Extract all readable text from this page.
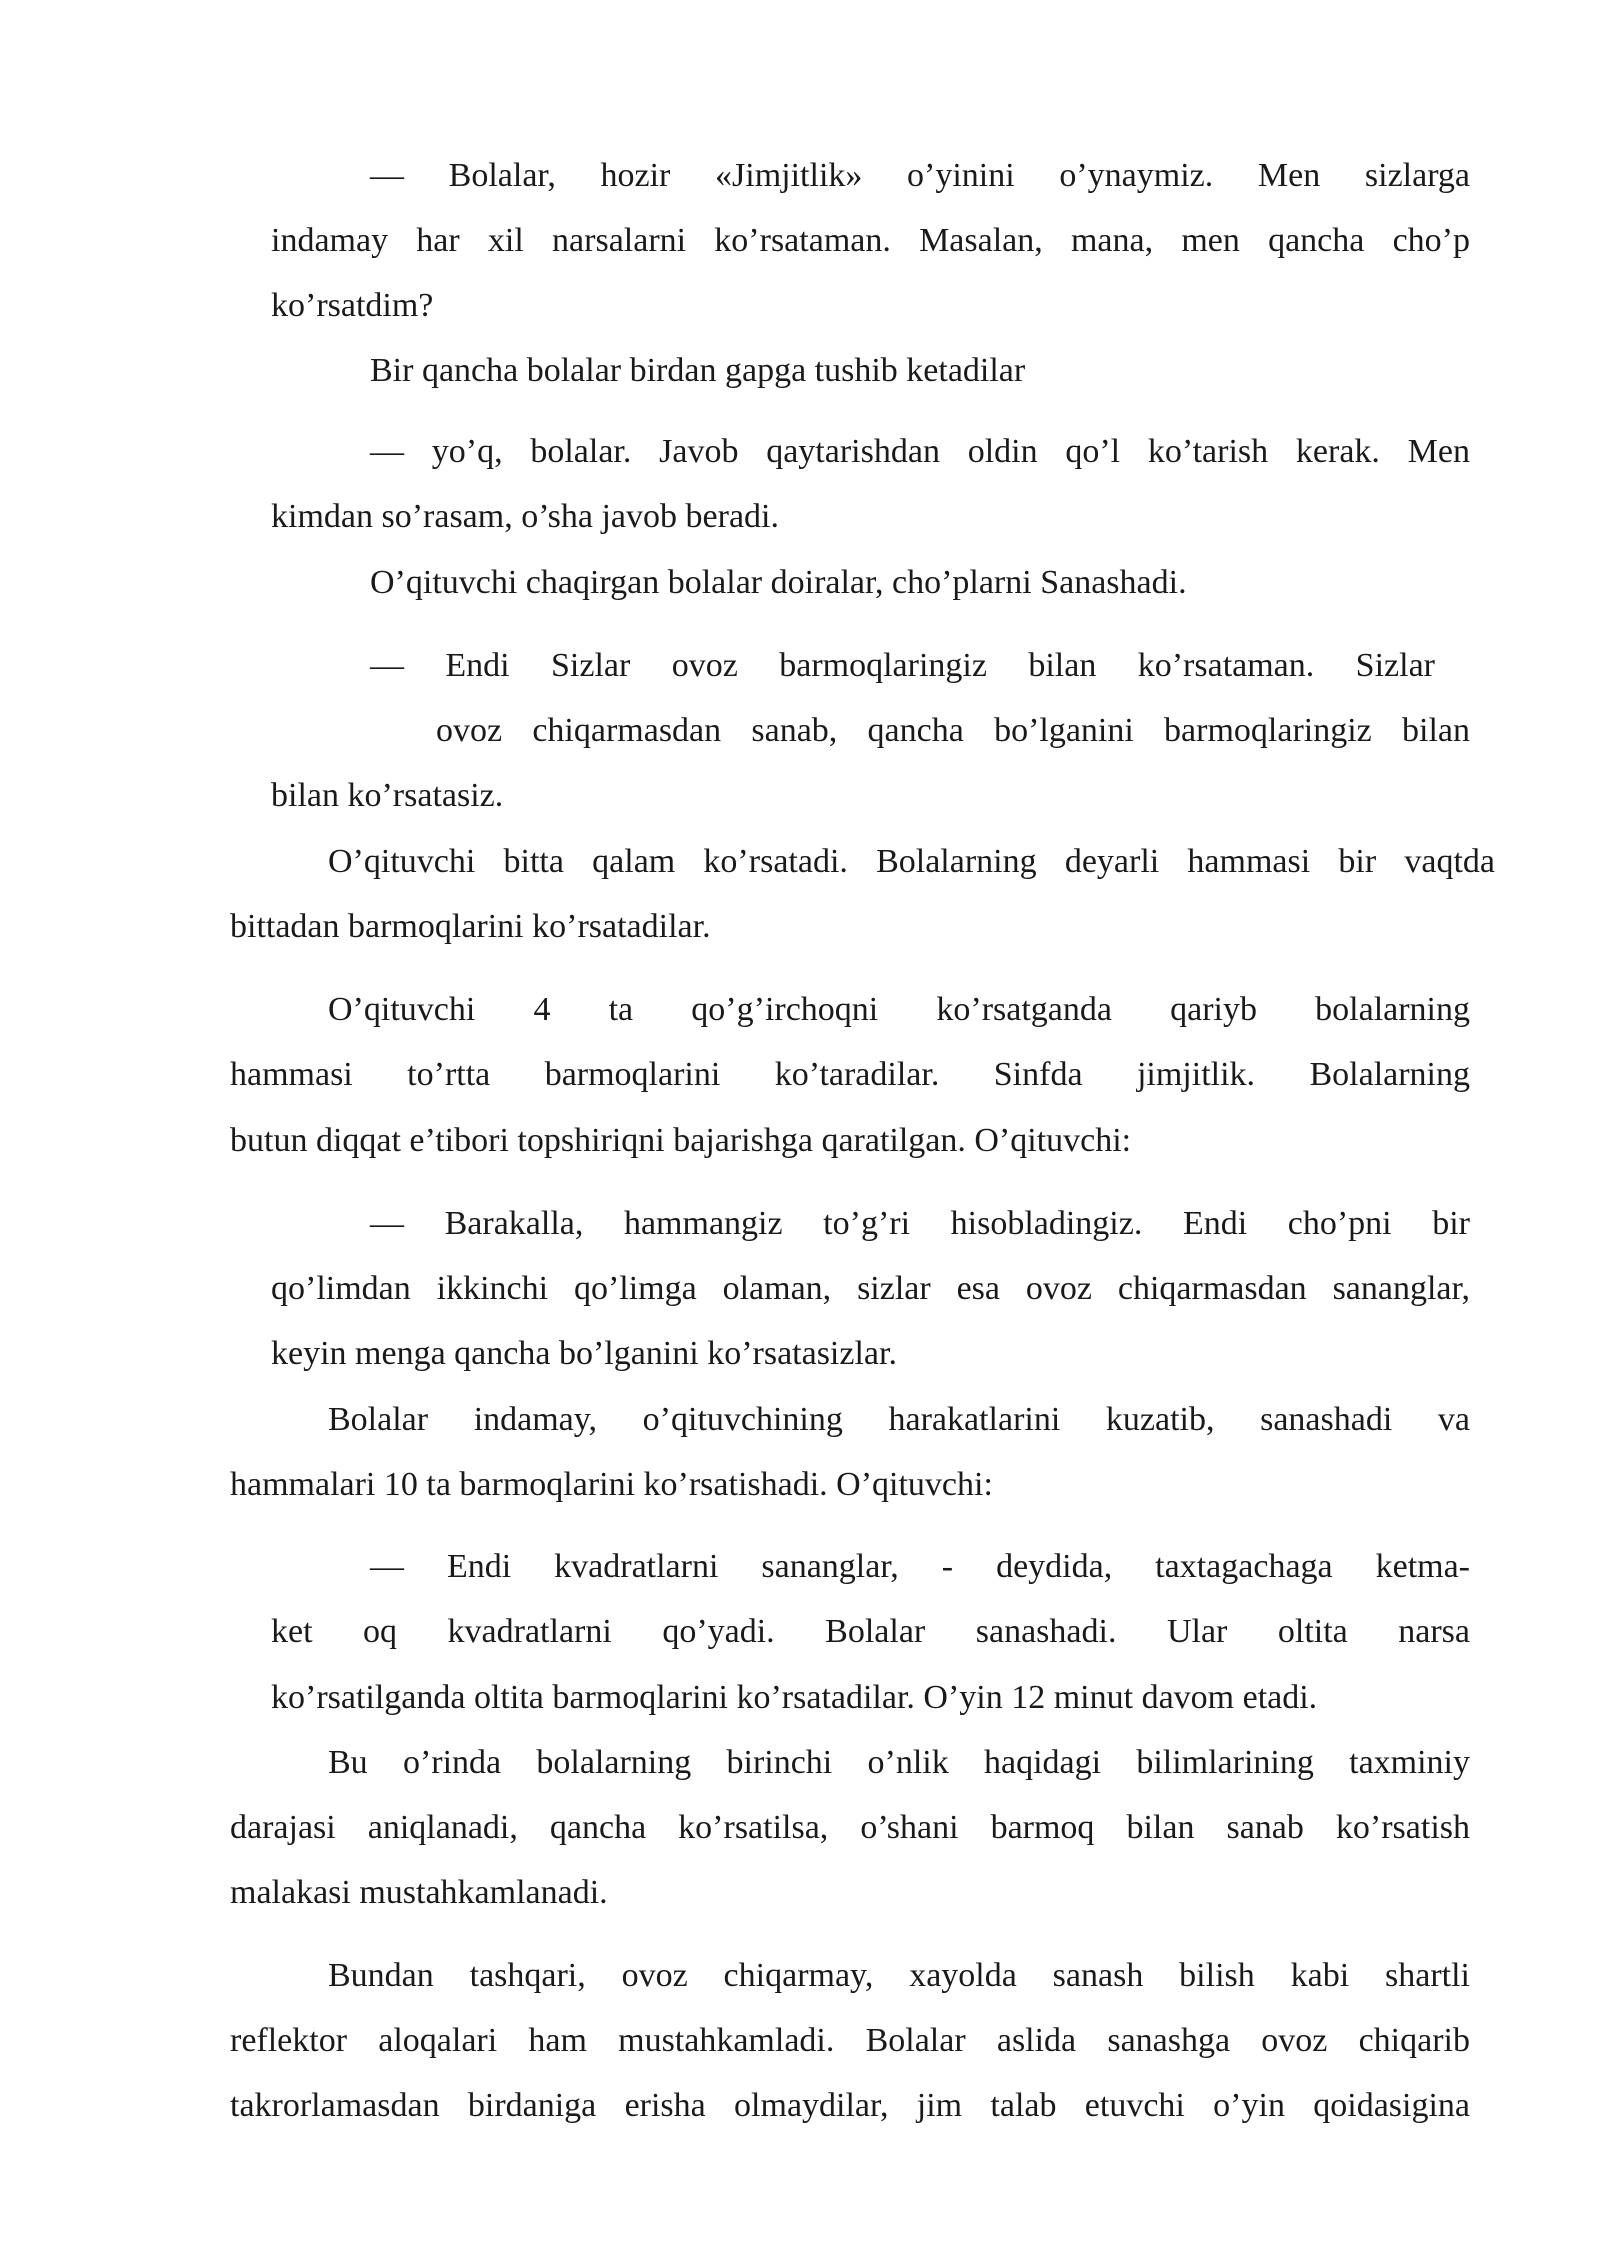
— Bolalar, hozir «Jimjitlik» o’yinini o’ynaymiz. Men sizlarga
indamay har xil narsalarni ko’rsataman. Masalan, mana, men qancha cho’p
ko’rsatdim?
Bir qancha bolalar birdan gapga tushib ketadilar
— yo’q, bolalar. Javob qaytarishdan oldin qo’l ko’tarish kerak. Men
kimdan so’rasam, o’sha javob beradi.
O’qituvchi chaqirgan bolalar doiralar, cho’plarni Sanashadi.
— Endi Sizlar ovoz barmoqlaringiz bilan ko’rsataman. Sizlar
ovoz chiqarmasdan sanab, qancha bo’lganini barmoqlaringiz bilan
bilan ko’rsatasiz.
O’qituvchi bitta qalam ko’rsatadi. Bolalarning deyarli hammasi bir vaqtda
bittadan barmoqlarini ko’rsatadilar.
O’qituvchi 4 ta qo’g’irchoqni ko’rsatganda qariyb bolalarning
hammasi to’rtta barmoqlarini ko’taradilar. Sinfda jimjitlik. Bolalarning
butun diqqat e’tibori topshiriqni bajarishga qaratilgan. O’qituvchi:
— Barakalla, hammangiz to’g’ri hisobladingiz. Endi cho’pni bir
qo’limdan ikkinchi qo’limga olaman, sizlar esa ovoz chiqarmasdan sananglar,
keyin menga qancha bo’lganini ko’rsatasizlar.
Bolalar indamay, o’qituvchining harakatlarini kuzatib, sanashadi va
hammalari 10 ta barmoqlarini ko’rsatishadi. O’qituvchi:
— Endi kvadratlarni sananglar, - deydida, taxtagachaga ketma-
ket oq kvadratlarni qo’yadi. Bolalar sanashadi. Ular oltita narsa
ko’rsatilganda oltita barmoqlarini ko’rsatadilar. O’yin 12 minut davom etadi.
Bu o’rinda bolalarning birinchi o’nlik haqidagi bilimlarining taxminiy
darajasi aniqlanadi, qancha ko’rsatilsa, o’shani barmoq bilan sanab ko’rsatish
malakasi mustahkamlanadi.
Bundan tashqari, ovoz chiqarmay, xayolda sanash bilish kabi shartli
reflektor aloqalari ham mustahkamladi. Bolalar aslida sanashga ovoz chiqarib
takrorlamasdan birdaniga erisha olmaydilar, jim talab etuvchi o’yin qoidasigina
